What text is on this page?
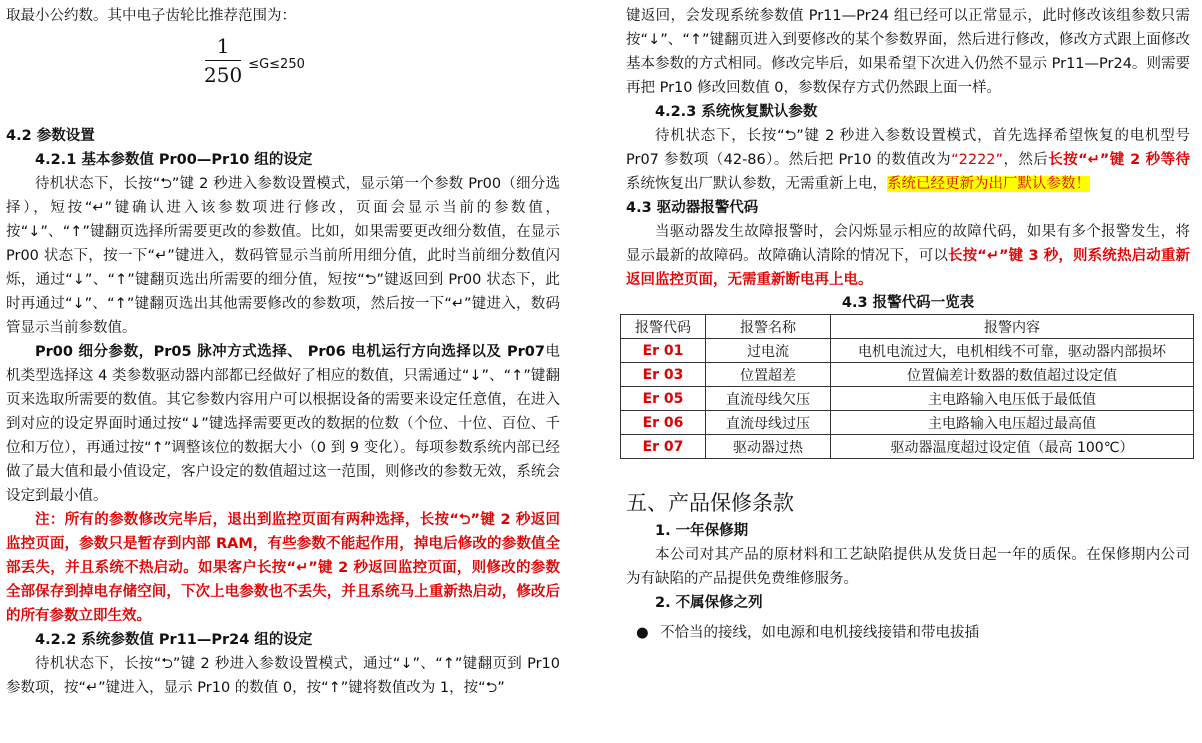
取最小公约数。其中电子齿轮比推荐范围为：

$\frac{1}{250} \le G\le 250$

4.2 参数设置

4.2.1 基本参数值 Pr00—Pr10 组的设定

待机状态下，长按“⮌”键 2 秒进入参数设置模式，显示第一个参数 Pr00（细分选择），短按“↵”键确认进入该参数项进行修改，页面会显示当前的参数值，按“↓”、“↑”键翻页选择所需要更改的参数值。比如，如果需要更改细分数值，在显示 Pr00 状态下，按一下“↵”键进入，数码管显示当前所用细分值，此时当前细分数值闪烁，通过“↓”、“↑”键翻页选出所需要的细分值，短按“⮌”键返回到 Pr00 状态下，此时再通过“↓”、“↑”键翻页选出其他需要修改的参数项，然后按一下“↵”键进入，数码管显示当前参数值。

Pr00 细分参数，Pr05 脉冲方式选择、 Pr06 电机运行方向选择以及 Pr07电机类型选择这 4 类参数驱动器内部都已经做好了相应的数值，只需通过“↓”、“↑”键翻页来选取所需要的数值。其它参数内容用户可以根据设备的需要来设定任意值，在进入到对应的设定界面时通过按“↓”键选择需要更改的数据的位数（个位、十位、百位、千位和万位），再通过按“↑”调整该位的数据大小（0 到 9 变化）。每项参数系统内部已经做了最大值和最小值设定，客户设定的数值超过这一范围，则修改的参数无效，系统会设定到最小值。

注：所有的参数修改完毕后，退出到监控页面有两种选择，长按“⮌”键 2 秒返回监控页面，参数只是暂存到内部 RAM，有些参数不能起作用，掉电后修改的参数值全部丢失，并且系统不热启动。如果客户长按“↵”键 2 秒返回监控页面，则修改的参数全部保存到掉电存储空间，下次上电参数也不丢失，并且系统马上重新热启动，修改后的所有参数立即生效。

4.2.2 系统参数值 Pr11—Pr24 组的设定

待机状态下，长按“⮌”键 2 秒进入参数设置模式，通过“↓”、“↑”键翻页到 Pr10 参数项，按“↵”键进入，显示 Pr10 的数值 0，按“↑”键将数值改为 1，按“⮌”

键返回，会发现系统参数值 Pr11—Pr24 组已经可以正常显示，此时修改该组参数只需按“↓”、“↑”键翻页进入到要修改的某个参数界面，然后进行修改，修改方式跟上面修改基本参数的方式相同。修改完毕后，如果希望下次进入仍然不显示 Pr11—Pr24。则需要再把 Pr10 修改回数值 0，参数保存方式仍然跟上面一样。

4.2.3 系统恢复默认参数

待机状态下，长按“⮌”键 2 秒进入参数设置模式，首先选择希望恢复的电机型号 Pr07 参数项（42-86）。然后把 Pr10 的数值改为“2222”，然后长按“↵”键 2 秒等待系统恢复出厂默认参数，无需重新上电，系统已经更新为出厂默认参数！

4.3 驱动器报警代码

当驱动器发生故障报警时，会闪烁显示相应的故障代码，如果有多个报警发生，将显示最新的故障码。故障确认清除的情况下，可以长按“↵”键 3 秒，则系统热启动重新返回监控页面，无需重新断电再上电。

4.3 报警代码一览表
报警代码	报警名称	报警内容
Er 01	过电流	电机电流过大，电机相线不可靠，驱动器内部损坏
Er 03	位置超差	位置偏差计数器的数值超过设定值
Er 05	直流母线欠压	主电路输入电压低于最低值
Er 06	直流母线过压	主电路输入电压超过最高值
Er 07	驱动器过热	驱动器温度超过设定值（最高 100℃）

五、产品保修条款

1. 一年保修期

本公司对其产品的原材料和工艺缺陷提供从发货日起一年的质保。在保修期内公司为有缺陷的产品提供免费维修服务。

2. 不属保修之列

● 不恰当的接线，如电源和电机接线接错和带电拔插
